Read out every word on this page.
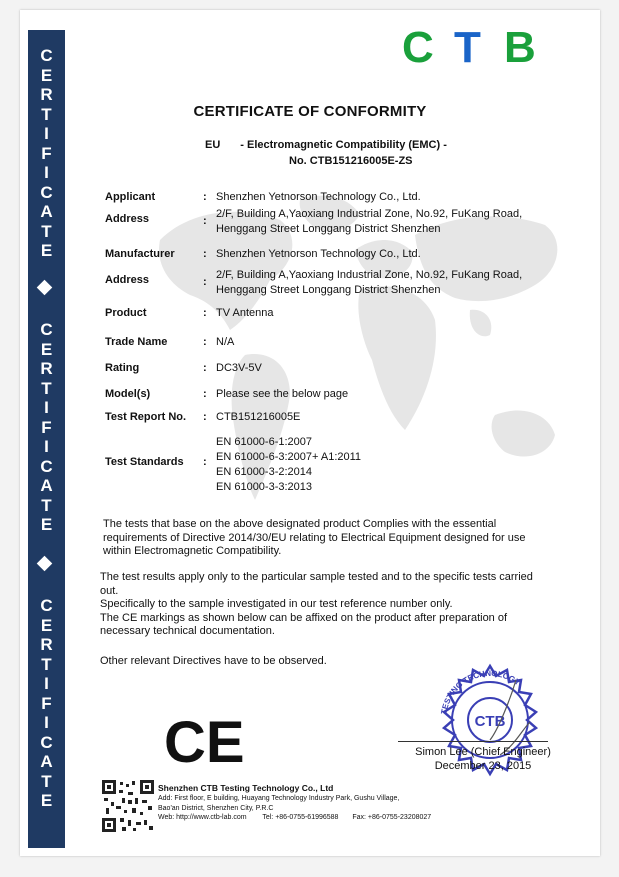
C
E
R
T
I
F
I
C
A
T
E
C
E
R
T
I
F
I
C
A
T
E
C
E
R
T
I
F
I
C
A
T
E
C T B
CERTIFICATE OF CONFORMITY
EU - Electromagnetic Compatibility (EMC) -
No. CTB151216005E-ZS
Applicant	: Shenzhen Yetnorson Technology Co., Ltd.
Address	:
2/F, Building A,Yaoxiang Industrial Zone, No.92, FuKang Road,
Henggang Street Longgang District Shenzhen
Manufacturer	: Shenzhen Yetnorson Technology Co., Ltd.
Address	:
2/F, Building A,Yaoxiang Industrial Zone, No.92, FuKang Road,
Henggang Street Longgang District Shenzhen
Product	: TV Antenna
Trade Name	: N/A
Rating	: DC3V-5V
Model(s)	: Please see the below page
Test Report No. : CTB151216005E
Test Standards :
EN 61000-6-1:2007
EN 61000-6-3:2007+ A1:2011
EN 61000-3-2:2014
EN 61000-3-3:2013
The tests that base on the above designated product Complies with the essential
requirements of Directive 2014/30/EU relating to Electrical Equipment designed for use
within Electromagnetic Compatibility.
The test results apply only to the particular sample tested and to the specific tests carried
out.
Specifically to the sample investigated in our test reference number only.
The CE markings as shown below can be affixed on the product after preparation of
necessary technical documentation.
Other relevant Directives have to be observed.
CE	TESTING TECHNOLOGY
CTB
Simon Lee (Chief Engineer)
December 23, 2015
Shenzhen CTB Testing Technology Co., Ltd
Add: First floor, E building, Huayang Technology Industry Park, Gushu Village,
Bao'an District, Shenzhen City, P.R.C
Web: http://www.ctb-lab.com Tel: +86-0755-61996588 Fax: +86-0755-23208027
